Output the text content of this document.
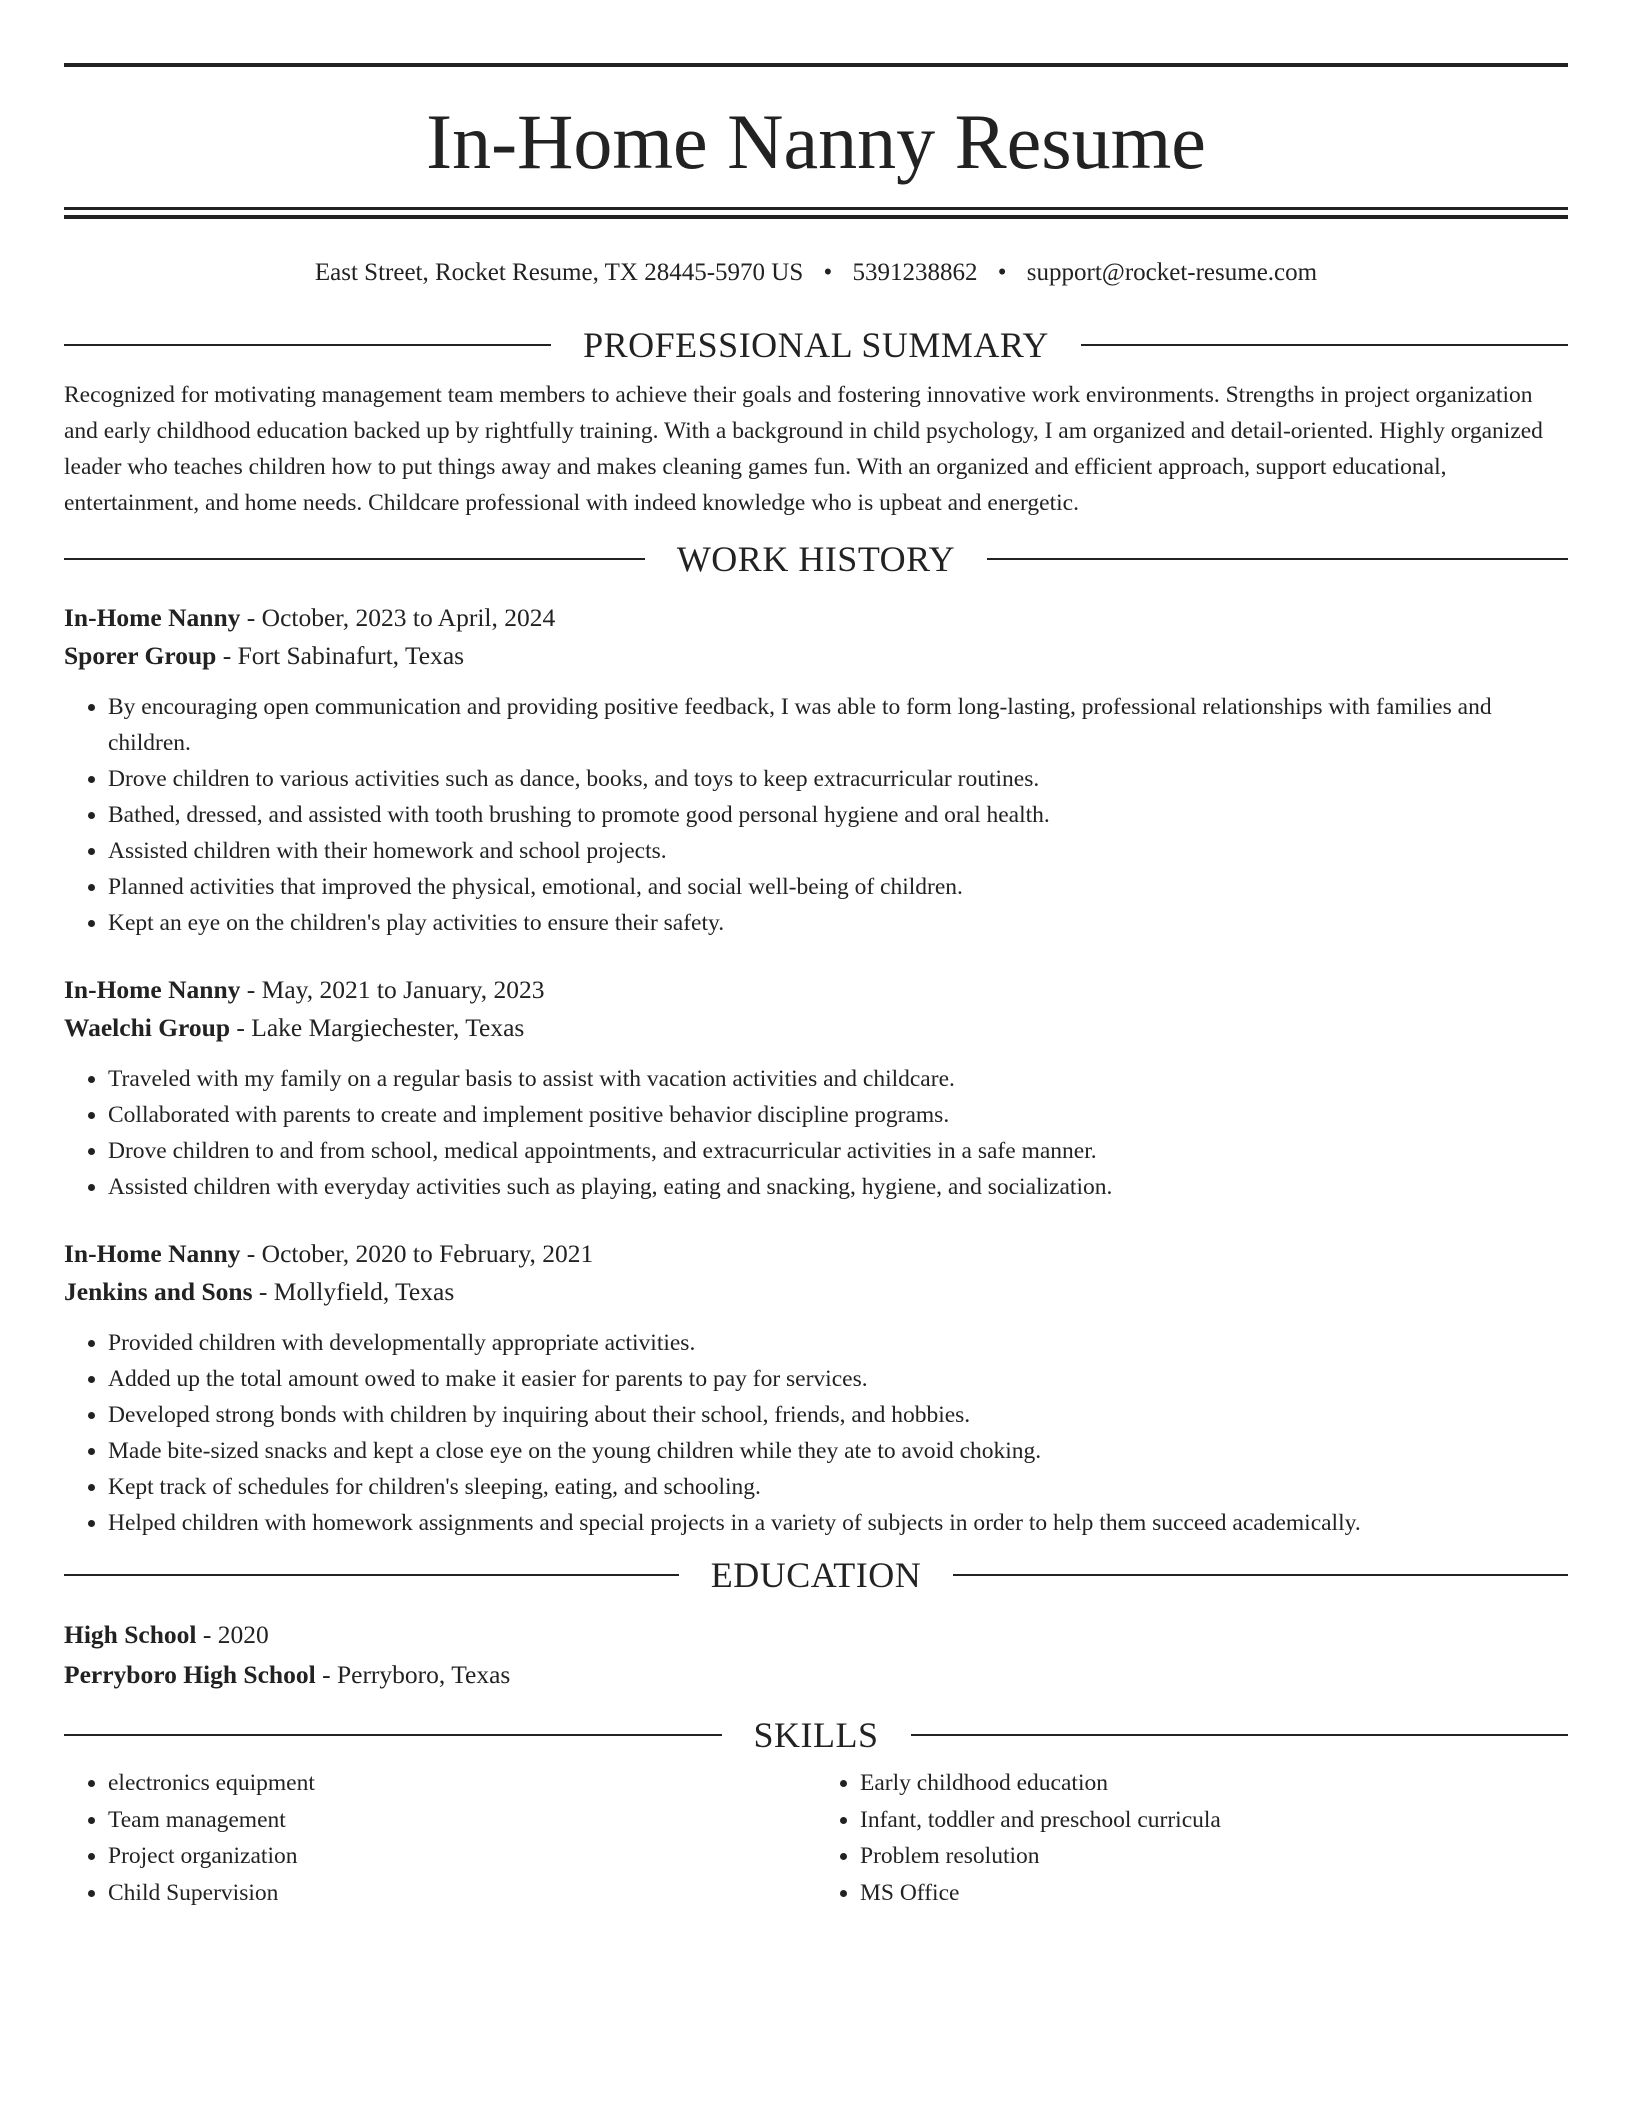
In-Home Nanny Resume
East Street, Rocket Resume, TX 28445-5970 US • 5391238862 • support@rocket-resume.com
PROFESSIONAL SUMMARY

Recognized for motivating management team members to achieve their goals and fostering innovative work environments. Strengths in project organization and early childhood education backed up by rightfully training. With a background in child psychology, I am organized and detail-oriented. Highly organized leader who teaches children how to put things away and makes cleaning games fun. With an organized and efficient approach, support educational, entertainment, and home needs. Childcare professional with indeed knowledge who is upbeat and energetic.

WORK HISTORY
In-Home Nanny - October, 2023 to April, 2024
Sporer Group - Fort Sabinafurt, Texas
• By encouraging open communication and providing positive feedback, I was able to form long-lasting, professional relationships with families and children.
• Drove children to various activities such as dance, books, and toys to keep extracurricular routines.
• Bathed, dressed, and assisted with tooth brushing to promote good personal hygiene and oral health.
• Assisted children with their homework and school projects.
• Planned activities that improved the physical, emotional, and social well-being of children.
• Kept an eye on the children's play activities to ensure their safety.
In-Home Nanny - May, 2021 to January, 2023
Waelchi Group - Lake Margiechester, Texas
• Traveled with my family on a regular basis to assist with vacation activities and childcare.
• Collaborated with parents to create and implement positive behavior discipline programs.
• Drove children to and from school, medical appointments, and extracurricular activities in a safe manner.
• Assisted children with everyday activities such as playing, eating and snacking, hygiene, and socialization.
In-Home Nanny - October, 2020 to February, 2021
Jenkins and Sons - Mollyfield, Texas
• Provided children with developmentally appropriate activities.
• Added up the total amount owed to make it easier for parents to pay for services.
• Developed strong bonds with children by inquiring about their school, friends, and hobbies.
• Made bite-sized snacks and kept a close eye on the young children while they ate to avoid choking.
• Kept track of schedules for children's sleeping, eating, and schooling.
• Helped children with homework assignments and special projects in a variety of subjects in order to help them succeed academically.
EDUCATION
High School - 2020
Perryboro High School - Perryboro, Texas
SKILLS
• electronics equipment
• Team management
• Project organization
• Child Supervision
• Early childhood education
• Infant, toddler and preschool curricula
• Problem resolution
• MS Office
